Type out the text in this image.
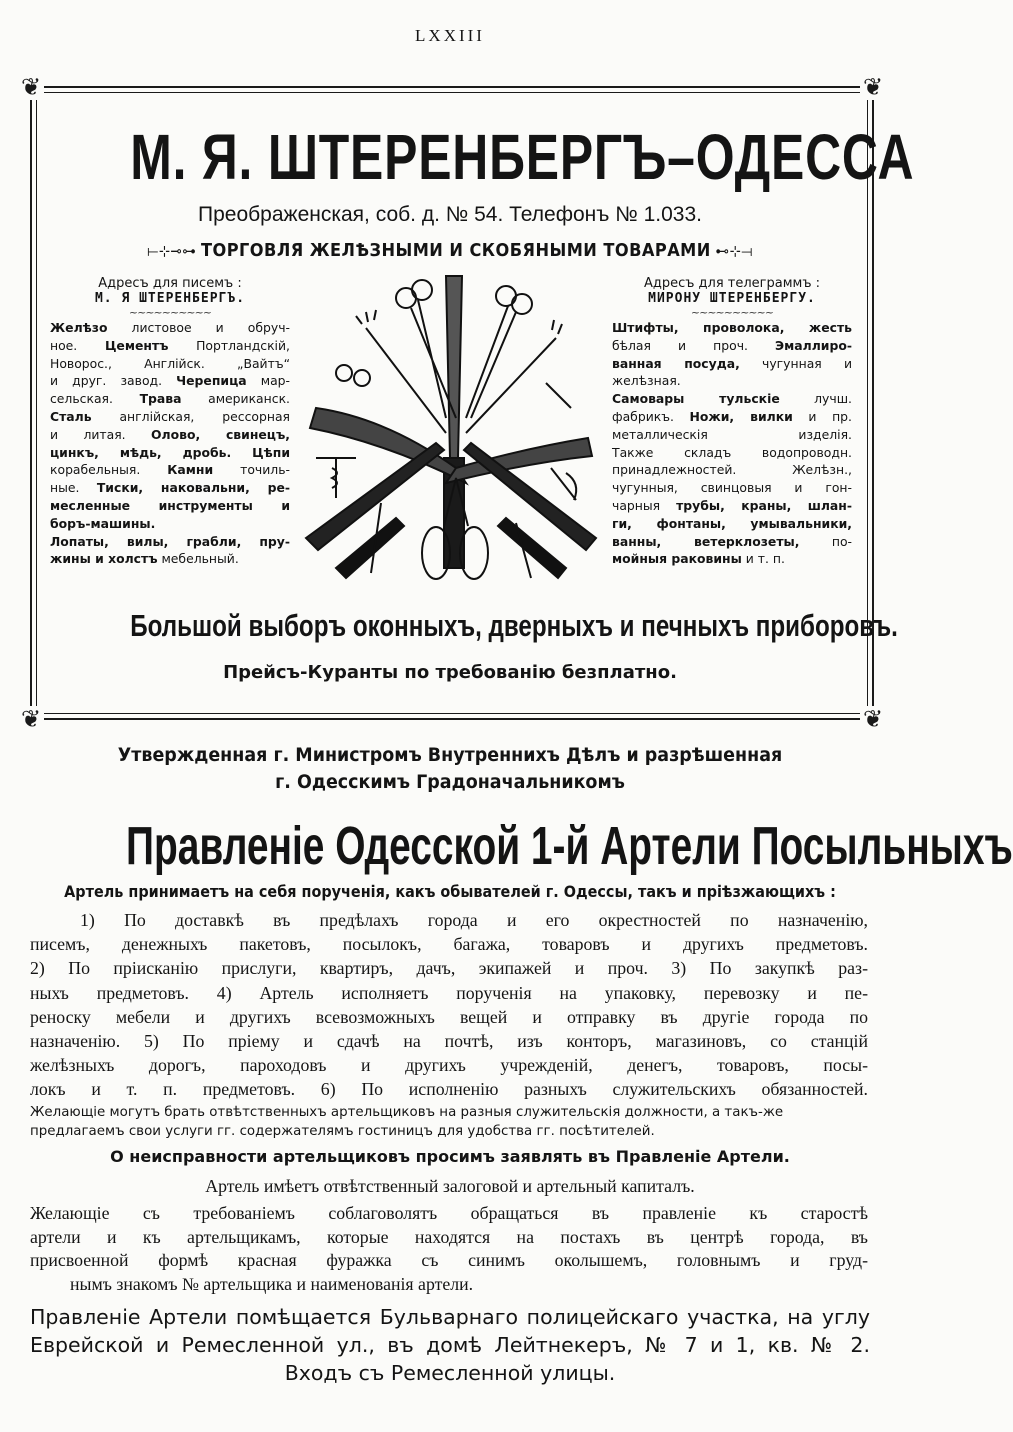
LXXIII
❦	❦
❦	❦
М. Я. ШТЕРЕНБЕРГЪ–ОДЕССА
Преображенская, соб. д. № 54. Телефонъ № 1.033.
⟝⊹⊸⊶ ТОРГОВЛЯ ЖЕЛѢЗНЫМИ И СКОБЯНЫМИ ТОВАРАМИ ⊷⊹⟞
Адресъ для писемъ :
М. Я ШТЕРЕНБЕРГЪ.
~~~~~~~~~~
Желѣзо листовое и обруч-
ное. Цементъ Портландскій,
Новорос., Англійск. „Вайтъ“
и друг. завод. Черепица мар-
сельская. Трава американск.
Сталь англійская, рессорная
и литая. Олово, свинецъ,
цинкъ, мѣдь, дробь. Цѣпи
корабельныя. Камни точиль-
ные. Тиски, наковальни, ре-
месленные инструменты и
боръ-машины.
Лопаты, вилы, грабли, пру-
жины и холстъ мебельный.
Адресъ для телеграммъ :
МИРОНУ ШТЕРЕНБЕРГУ.
~~~~~~~~~~
Штифты, проволока, жесть
бѣлая и проч. Эмаллиро-
ванная посуда, чугунная и
желѣзная.
Самовары тульскіе лучш.
фабрикъ. Ножи, вилки и пр.
металлическія изделія.
Также складъ водопроводн.
принадлежностей. Желѣзн.,
чугунныя, свинцовыя и гон-
чарныя трубы, краны, шлан-
ги, фонтаны, умывальники,
ванны, ветерклозеты, по-
мойныя раковины и т. п.
Большой выборъ оконныхъ, дверныхъ и печныхъ приборовъ.
Прейсъ-Куранты по требованію безплатно.
Утвержденная г. Министромъ Внутреннихъ Дѣлъ и разрѣшенная
г. Одесскимъ Градоначальникомъ
Правленіе Одесской 1-й Артели Посыльныхъ
Артель принимаетъ на себя порученія, какъ обывателей г. Одессы, такъ и пріѣзжающихъ :
1) По доставкѣ въ предѣлахъ города и его окрестностей по назначенію,
писемъ, денежныхъ пакетовъ, посылокъ, багажа, товаровъ и другихъ предметовъ.
2) По пріисканію прислуги, квартиръ, дачъ, экипажей и проч. 3) По закупкѣ раз-
ныхъ предметовъ. 4) Артель исполняетъ порученія на упаковку, перевозку и пе-
реноску мебели и другихъ всевозможныхъ вещей и отправку въ другіе города по
назначенію. 5) По пріему и сдачѣ на почтѣ, изъ конторъ, магазиновъ, со станцій
желѣзныхъ дорогъ, пароходовъ и другихъ учрежденій, денегъ, товаровъ, посы-
локъ и т. п. предметовъ. 6) По исполненію разныхъ служительскихъ обязанностей.
Желающіе могутъ брать отвѣтственныхъ артельщиковъ на разныя служительскія должности, а такъ-же
предлагаемъ свои услуги гг. содержателямъ гостиницъ для удобства гг. посѣтителей.
О неисправности артельщиковъ просимъ заявлять въ Правленіе Артели.
Артель имѣетъ отвѣтственный залоговой и артельный капиталъ.
Желающіе съ требованіемъ соблаговолятъ обращаться въ правленіе къ старостѣ
артели и къ артельщикамъ, которые находятся на постахъ въ центрѣ города, въ
присвоенной формѣ красная фуражка съ синимъ околышемъ, головнымъ и груд-
нымъ знакомъ № артельщика и наименованія артели.
Правленіе Артели помѣщается Бульварнаго полицейскаго участка, на углу
Еврейской и Ремесленной ул., въ домѣ Лейтнекеръ, № 7 и 1, кв. № 2.
Входъ съ Ремесленной улицы.
